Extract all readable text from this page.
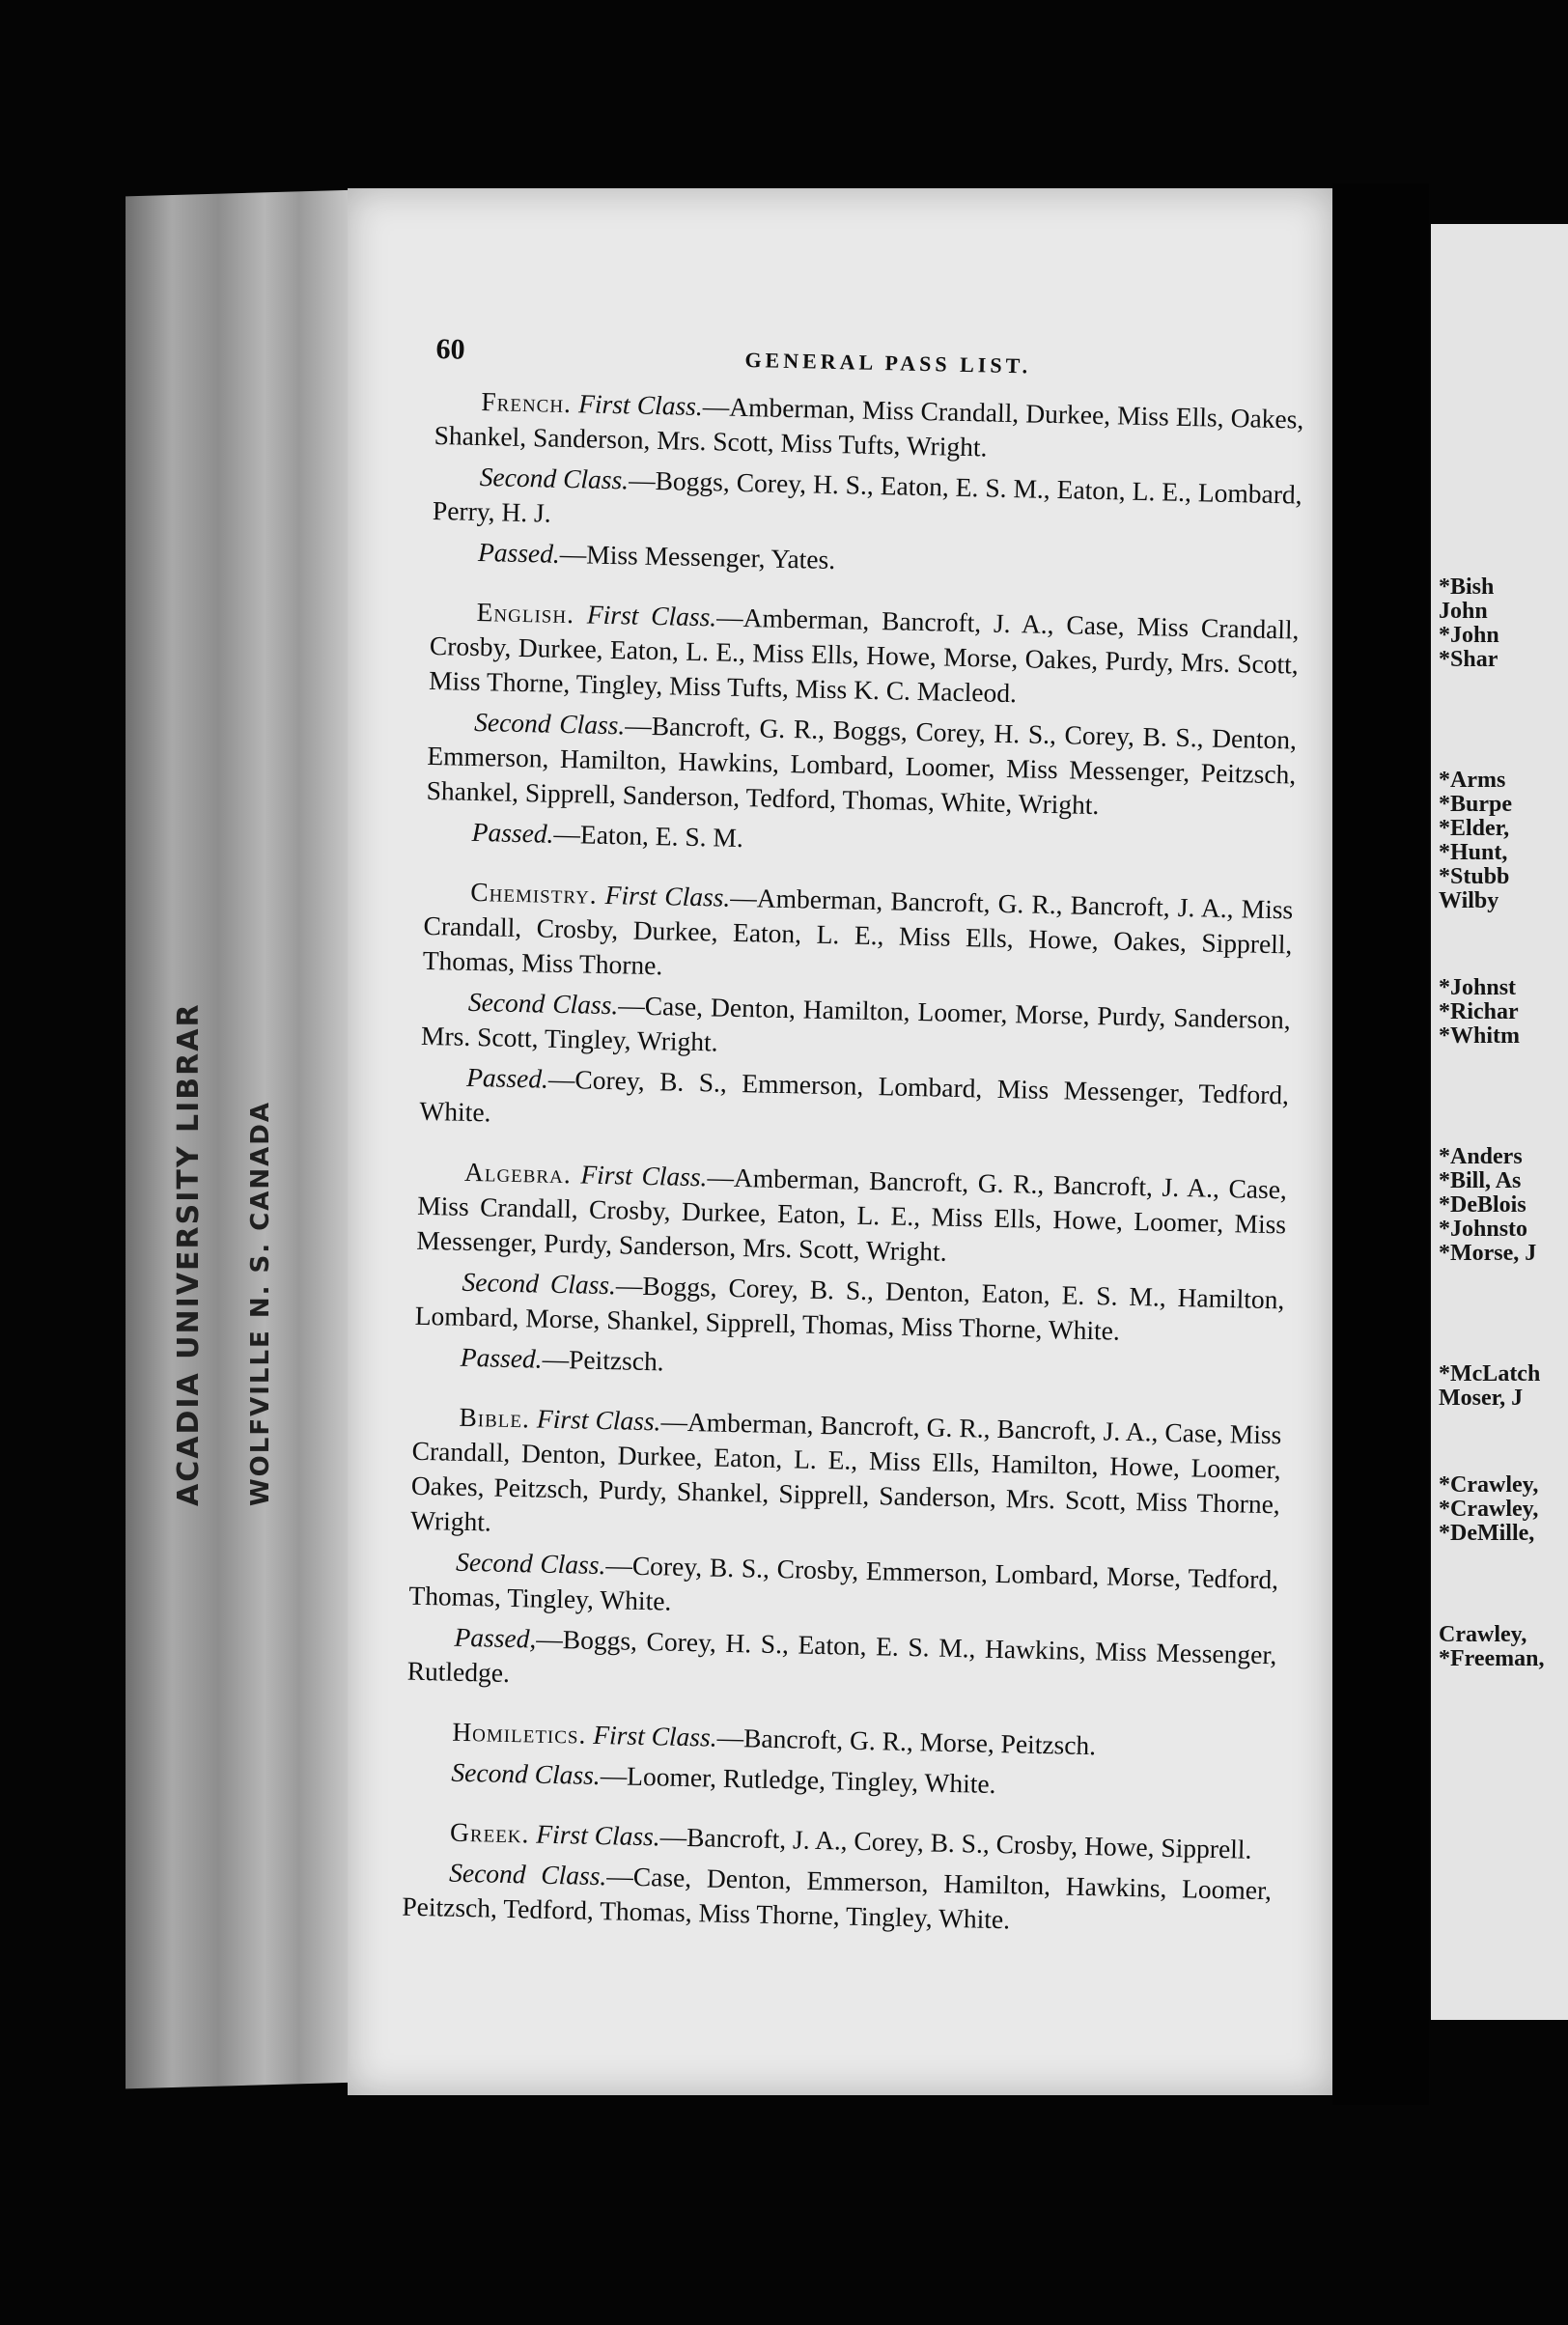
ACADIA UNIVERSITY LIBRAR WOLFVILLE N. S. CANADA
60	GENERAL PASS LIST.

French. First Class.—Amberman, Miss Crandall, Durkee, Miss Ells, Oakes, Shankel, Sanderson, Mrs. Scott, Miss Tufts, Wright.

Second Class.—Boggs, Corey, H. S., Eaton, E. S. M., Eaton, L. E., Lombard, Perry, H. J.

Passed.—Miss Messenger, Yates.

English. First Class.—Amberman, Bancroft, J. A., Case, Miss Crandall, Crosby, Durkee, Eaton, L. E., Miss Ells, Howe, Morse, Oakes, Purdy, Mrs. Scott, Miss Thorne, Tingley, Miss Tufts, Miss K. C. Macleod.

Second Class.—Bancroft, G. R., Boggs, Corey, H. S., Corey, B. S., Denton, Emmerson, Hamilton, Hawkins, Lombard, Loomer, Miss Messenger, Peitzsch, Shankel, Sipprell, Sanderson, Tedford, Thomas, White, Wright.

Passed.—Eaton, E. S. M.

Chemistry. First Class.—Amberman, Bancroft, G. R., Bancroft, J. A., Miss Crandall, Crosby, Durkee, Eaton, L. E., Miss Ells, Howe, Oakes, Sipprell, Thomas, Miss Thorne.

Second Class.—Case, Denton, Hamilton, Loomer, Morse, Purdy, Sanderson, Mrs. Scott, Tingley, Wright.

Passed.—Corey, B. S., Emmerson, Lombard, Miss Messenger, Tedford, White.

Algebra. First Class.—Amberman, Bancroft, G. R., Bancroft, J. A., Case, Miss Crandall, Crosby, Durkee, Eaton, L. E., Miss Ells, Howe, Loomer, Miss Messenger, Purdy, Sanderson, Mrs. Scott, Wright.

Second Class.—Boggs, Corey, B. S., Denton, Eaton, E. S. M., Hamilton, Lombard, Morse, Shankel, Sipprell, Thomas, Miss Thorne, White.

Passed.—Peitzsch.

Bible. First Class.—Amberman, Bancroft, G. R., Bancroft, J. A., Case, Miss Crandall, Denton, Durkee, Eaton, L. E., Miss Ells, Hamilton, Howe, Loomer, Oakes, Peitzsch, Purdy, Shankel, Sipprell, Sanderson, Mrs. Scott, Miss Thorne, Wright.

Second Class.—Corey, B. S., Crosby, Emmerson, Lombard, Morse, Tedford, Thomas, Tingley, White.

Passed,—Boggs, Corey, H. S., Eaton, E. S. M., Hawkins, Miss Messenger, Rutledge.

Homiletics. First Class.—Bancroft, G. R., Morse, Peitzsch.

Second Class.—Loomer, Rutledge, Tingley, White.

Greek. First Class.—Bancroft, J. A., Corey, B. S., Crosby, Howe, Sipprell.

Second Class.—Case, Denton, Emmerson, Hamilton, Hawkins, Loomer, Peitzsch, Tedford, Thomas, Miss Thorne, Tingley, White.

*Bish
John
*John
*Shar
*Arms
*Burpe
*Elder,
*Hunt,
*Stubb
Wilby
*Johnst
*Richar
*Whitm
*Anders
*Bill, As
*DeBlois
*Johnsto
*Morse, J
*McLatch
Moser, J
*Crawley,
*Crawley,
*DeMille,
Crawley,
*Freeman,
